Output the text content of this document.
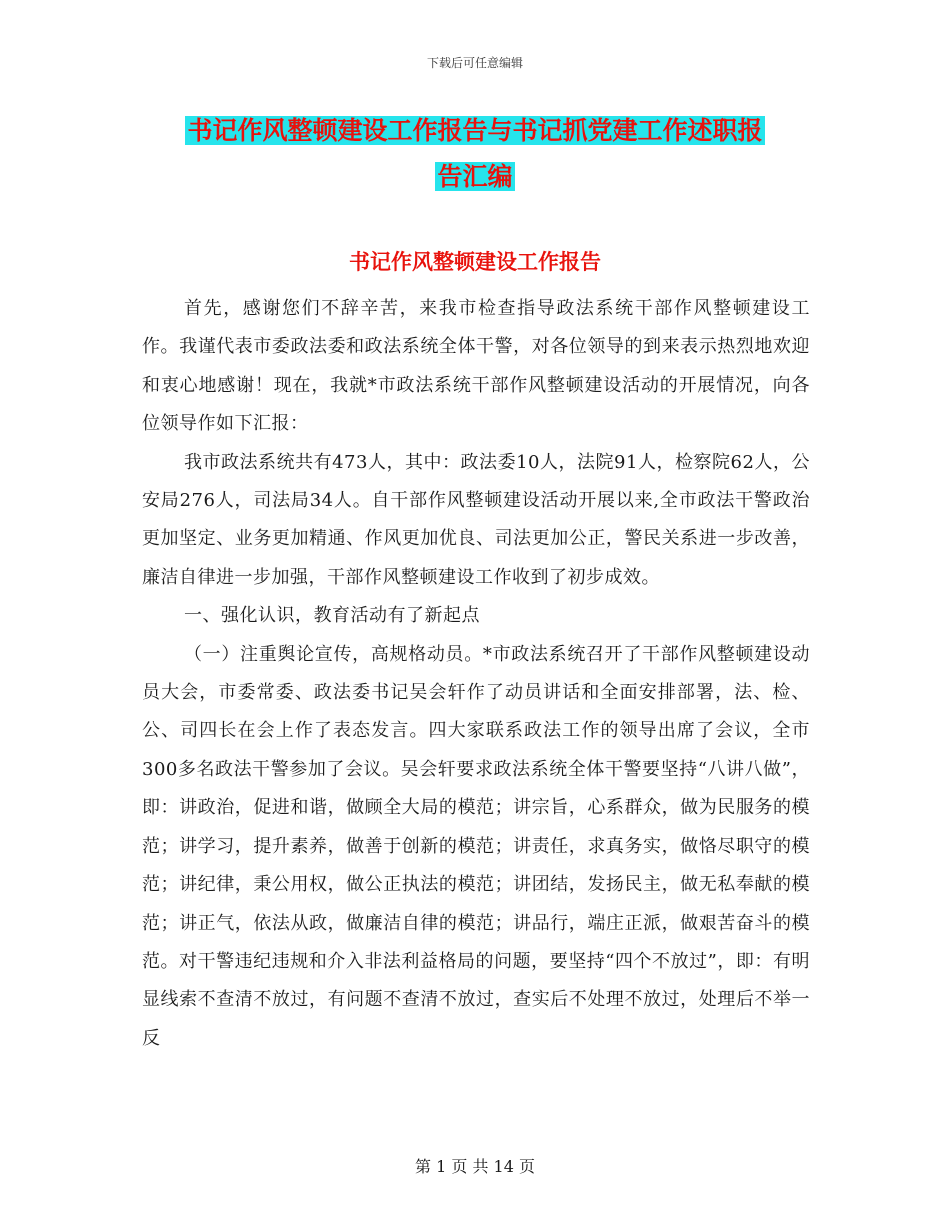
下载后可任意编辑
书记作风整顿建设工作报告与书记抓党建工作述职报
告汇编
书记作风整顿建设工作报告

首先，感谢您们不辞辛苦，来我市检查指导政法系统干部作风整顿建设工作。我谨代表市委政法委和政法系统全体干警，对各位领导的到来表示热烈地欢迎和衷心地感谢！现在，我就*市政法系统干部作风整顿建设活动的开展情况，向各位领导作如下汇报：

我市政法系统共有473人，其中：政法委10人，法院91人，检察院62人，公安局276人，司法局34人。自干部作风整顿建设活动开展以来,全市政法干警政治更加坚定、业务更加精通、作风更加优良、司法更加公正，警民关系进一步改善，廉洁自律进一步加强，干部作风整顿建设工作收到了初步成效。

一、强化认识，教育活动有了新起点

（一）注重舆论宣传，高规格动员。*市政法系统召开了干部作风整顿建设动员大会，市委常委、政法委书记吴会轩作了动员讲话和全面安排部署，法、检、公、司四长在会上作了表态发言。四大家联系政法工作的领导出席了会议，全市300多名政法干警参加了会议。吴会轩要求政法系统全体干警要坚持“八讲八做”，即：讲政治，促进和谐，做顾全大局的模范；讲宗旨，心系群众，做为民服务的模范；讲学习，提升素养，做善于创新的模范；讲责任，求真务实，做恪尽职守的模范；讲纪律，秉公用权，做公正执法的模范；讲团结，发扬民主，做无私奉献的模范；讲正气，依法从政，做廉洁自律的模范；讲品行，端庄正派，做艰苦奋斗的模范。对干警违纪违规和介入非法利益格局的问题，要坚持“四个不放过”，即：有明显线索不查清不放过，有问题不查清不放过，查实后不处理不放过，处理后不举一反

第 1 页 共 14 页
